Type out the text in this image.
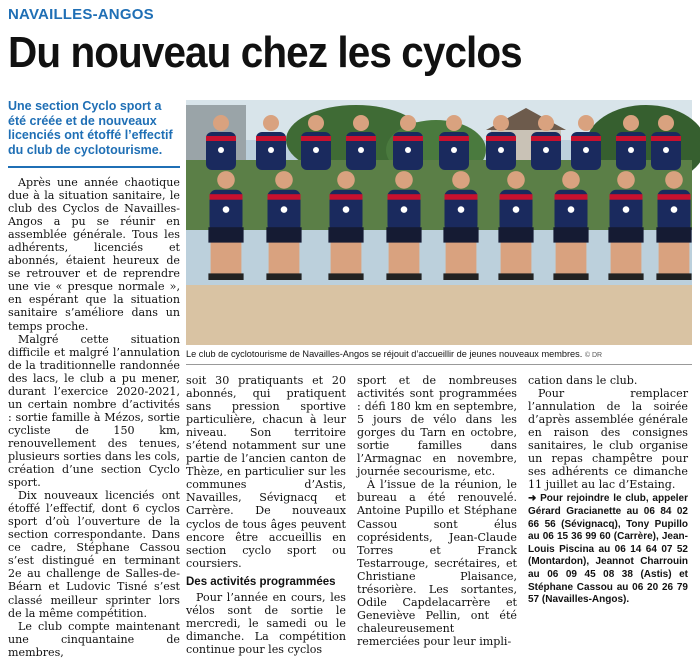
NAVAILLES-ANGOS
Du nouveau chez les cyclos
Une section Cyclo sport a été créée et de nouveaux licenciés ont étoffé l’effectif du club de cyclotourisme.

Après une année chaotique due à la situation sanitaire, le club des Cyclos de Navailles-Angos a pu se réunir en assemblée générale. Tous les adhérents, licenciés et abonnés, étaient heureux de se retrouver et de reprendre une vie « presque normale », en espérant que la situation sanitaire s’améliore dans un temps proche.

Malgré cette situation difficile et malgré l’annulation de la traditionnelle randonnée des lacs, le club a pu mener, durant l’exercice 2020-2021, un certain nombre d’activités : sortie famille à Mézos, sortie cycliste de 150 km, renouvellement des tenues, plusieurs sorties dans les cols, création d’une section Cyclo sport.

Dix nouveaux licenciés ont étoffé l’effectif, dont 6 cyclos sport d’où l’ouverture de la section correspondante. Dans ce cadre, Stéphane Cassou s’est distingué en terminant 2e au challenge de Salles-de-Béarn et Ludovic Tisné s’est classé meilleur sprinter lors de la même compétition.

Le club compte maintenant une cinquantaine de membres,

Le club de cyclotourisme de Navailles-Angos se réjouit d’accueillir de jeunes nouveaux membres. © DR

soit 30 pratiquants et 20 abonnés, qui pratiquent sans pression sportive particulière, chacun à leur niveau. Son territoire s’étend notamment sur une partie de l’ancien canton de Thèze, en particulier sur les communes d’Astis, Navailles, Sévignacq et Carrère. De nouveaux cyclos de tous âges peuvent encore être accueillis en section cyclo sport ou coursiers.

Des activités programmées

Pour l’année en cours, les vélos sont de sortie le mercredi, le samedi ou le dimanche. La compétition continue pour les cyclos

sport et de nombreuses activités sont programmées : défi 180 km en septembre, 5 jours de vélo dans les gorges du Tarn en octobre, sortie familles dans l’Armagnac en novembre, journée secourisme, etc.

À l’issue de la réunion, le bureau a été renouvelé. Antoine Pupillo et Stéphane Cassou sont élus coprésidents, Jean-Claude Torres et Franck Testarrouge, secrétaires, et Christiane Plaisance, trésorière. Les sortantes, Odile Capdelacarrère et Geneviève Pellin, ont été chaleureusement remerciées pour leur impli-

cation dans le club.

Pour remplacer l’annulation de la soirée d’après assemblée générale en raison des consignes sanitaires, le club organise un repas champêtre pour ses adhérents ce dimanche 11 juillet au lac d’Estaing.

➜ Pour rejoindre le club, appeler Gérard Gracianette au 06 84 02 66 56 (Sévignacq), Tony Pupillo au 06 15 36 99 60 (Carrère), Jean-Louis Piscina au 06 14 64 07 52 (Montardon), Jeannot Charrouin au 06 09 45 08 38 (Astis) et Stéphane Cassou au 06 20 26 79 57 (Navailles-Angos).
